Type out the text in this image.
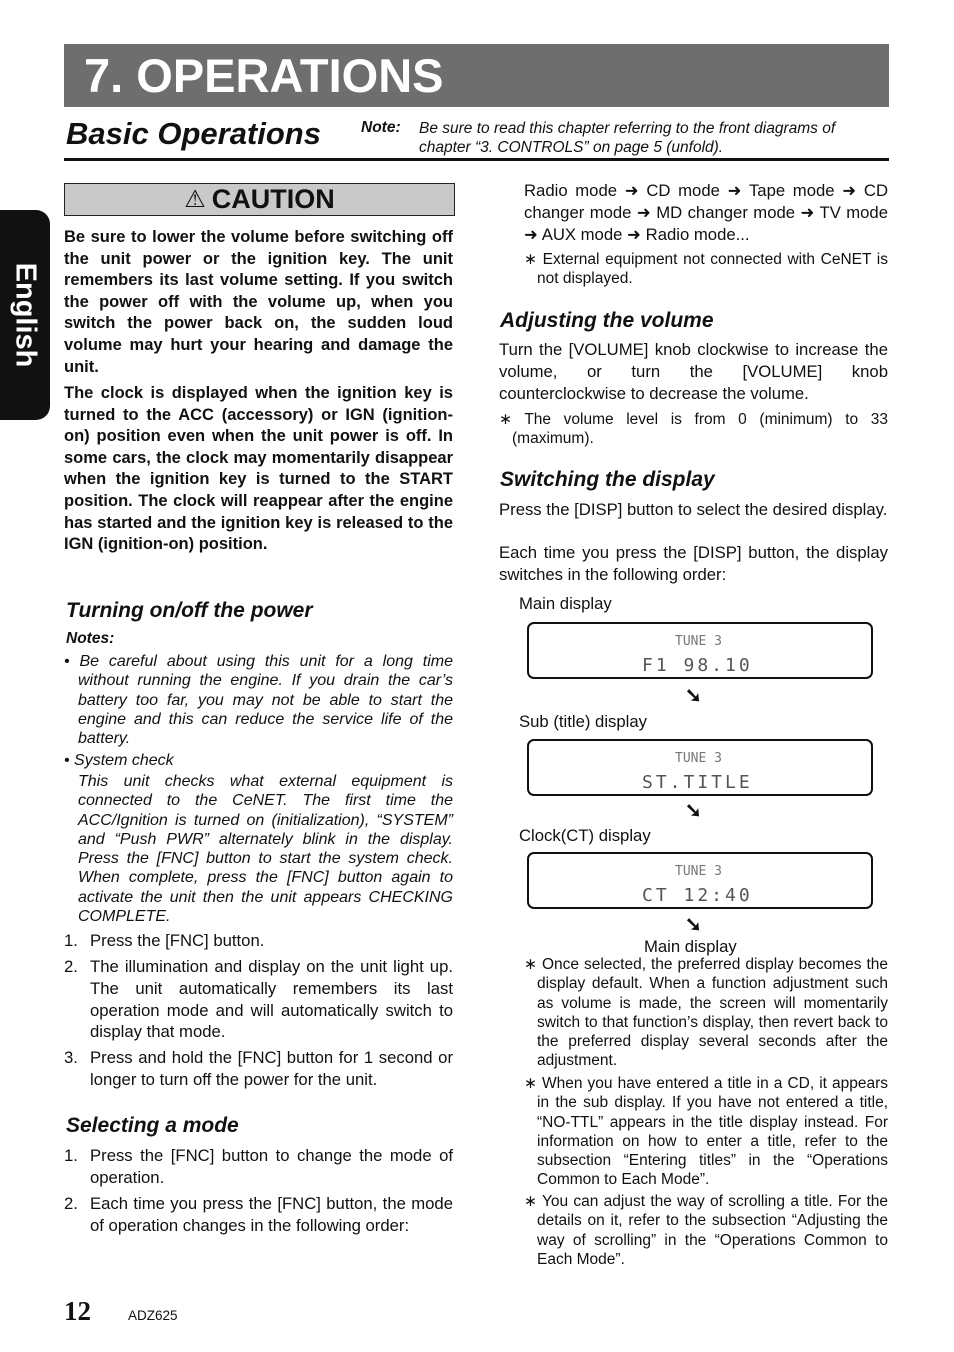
7. OPERATIONS
Basic Operations	Note: Be sure to read this chapter referring to the front diagrams of chapter “3. CONTROLS” on page 5 (unfold).
English
⚠ CAUTION
Be sure to lower the volume before switching off the unit power or the ignition key. The unit remembers its last volume setting. If you switch the power off with the volume up, when you switch the power back on, the sudden loud volume may hurt your hearing and damage the unit.
The clock is displayed when the ignition key is turned to the ACC (accessory) or IGN (ignition-on) position even when the unit power is off. In some cars, the clock may momentarily disappear when the ignition key is turned to the START position. The clock will reappear after the engine has started and the ignition key is released to the IGN (ignition-on) position.
Turning on/off the power
Notes:
• Be careful about using this unit for a long time without running the engine. If you drain the car’s battery too far, you may not be able to start the engine and this can reduce the service life of the battery.
• System check
This unit checks what external equipment is connected to the CeNET. The first time the ACC/Ignition is turned on (initialization), “SYSTEM” and “Push PWR” alternately blink in the display. Press the [FNC] button to start the system check. When complete, press the [FNC] button again to activate the unit then the unit appears CHECKING COMPLETE.
1. Press the [FNC] button.
2. The illumination and display on the unit light up. The unit automatically remembers its last operation mode and will automatically switch to display that mode.
3. Press and hold the [FNC] button for 1 second or longer to turn off the power for the unit.
Selecting a mode
1. Press the [FNC] button to change the mode of operation.
2. Each time you press the [FNC] button, the mode of operation changes in the following order:
Radio mode ➜ CD mode ➜ Tape mode ➜ CD changer mode ➜ MD changer mode ➜ TV mode ➜ AUX mode ➜ Radio mode...
∗ External equipment not connected with CeNET is not displayed.
Adjusting the volume
Turn the [VOLUME] knob clockwise to increase the volume, or turn the [VOLUME] knob counterclockwise to decrease the volume.
∗ The volume level is from 0 (minimum) to 33 (maximum).
Switching the display
Press the [DISP] button to select the desired display.
Each time you press the [DISP] button, the display switches in the following order:
Main display
TUNE 3
F1 98.10
➘
Sub (title) display
TUNE 3
ST.TITLE
➘
Clock(CT) display
TUNE 3
CT 12:40
➘
Main display
∗ Once selected, the preferred display becomes the display default. When a function adjustment such as volume is made, the screen will momentarily switch to that function’s display, then revert back to the preferred display several seconds after the adjustment.
∗ When you have entered a title in a CD, it appears in the sub display. If you have not entered a title, “NO-TTL” appears in the title display instead. For information on how to enter a title, refer to the subsection “Entering titles” in the “Operations Common to Each Mode”.
∗ You can adjust the way of scrolling a title. For the details on it, refer to the subsection “Adjusting the way of scrolling” in the “Operations Common to Each Mode”.
12	ADZ625
